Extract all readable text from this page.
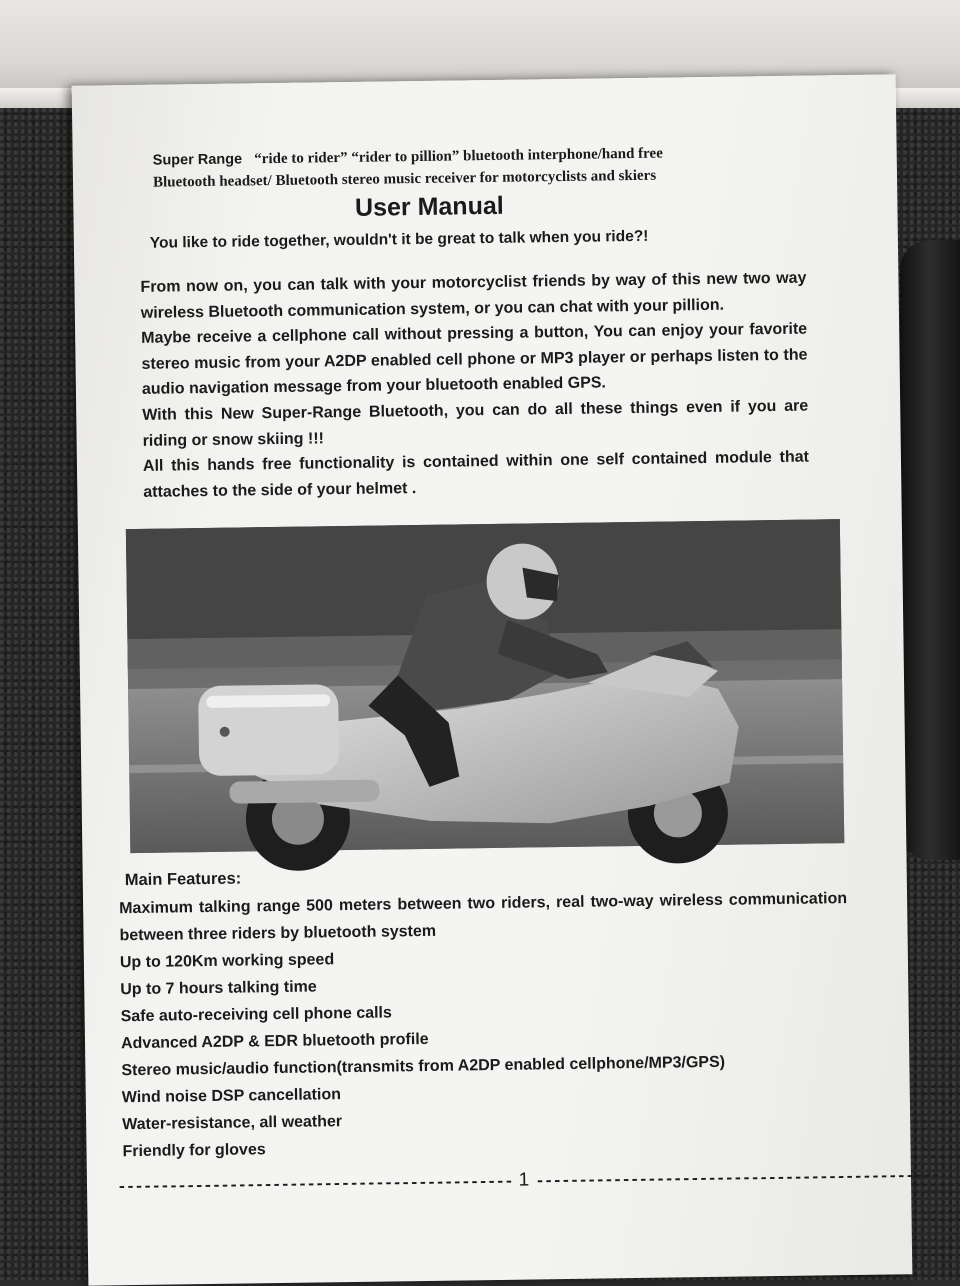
Super Range “ride to rider” “rider to pillion” bluetooth interphone/hand free
Bluetooth headset/ Bluetooth stereo music receiver for motorcyclists and skiers
User Manual
You like to ride together, wouldn't it be great to talk when you ride?!

From now on, you can talk with your motorcyclist friends by way of this new two way wireless Bluetooth communication system, or you can chat with your pillion.

Maybe receive a cellphone call without pressing a button, You can enjoy your favorite stereo music from your A2DP enabled cell phone or MP3 player or perhaps listen to the audio navigation message from your bluetooth enabled GPS.

With this New Super-Range Bluetooth, you can do all these things even if you are riding or snow skiing !!!

All this hands free functionality is contained within one self contained module that attaches to the side of your helmet .

Main Features:
Maximum talking range 500 meters between two riders, real two-way wireless communication between three riders by bluetooth system
Up to 120Km working speed
Up to 7 hours talking time
Safe auto-receiving cell phone calls
Advanced A2DP & EDR bluetooth profile
Stereo music/audio function(transmits from A2DP enabled cellphone/MP3/GPS)
Wind noise DSP cancellation
Water-resistance, all weather
Friendly for gloves
---------------------------------------------- 1 -----------------------------------------------
